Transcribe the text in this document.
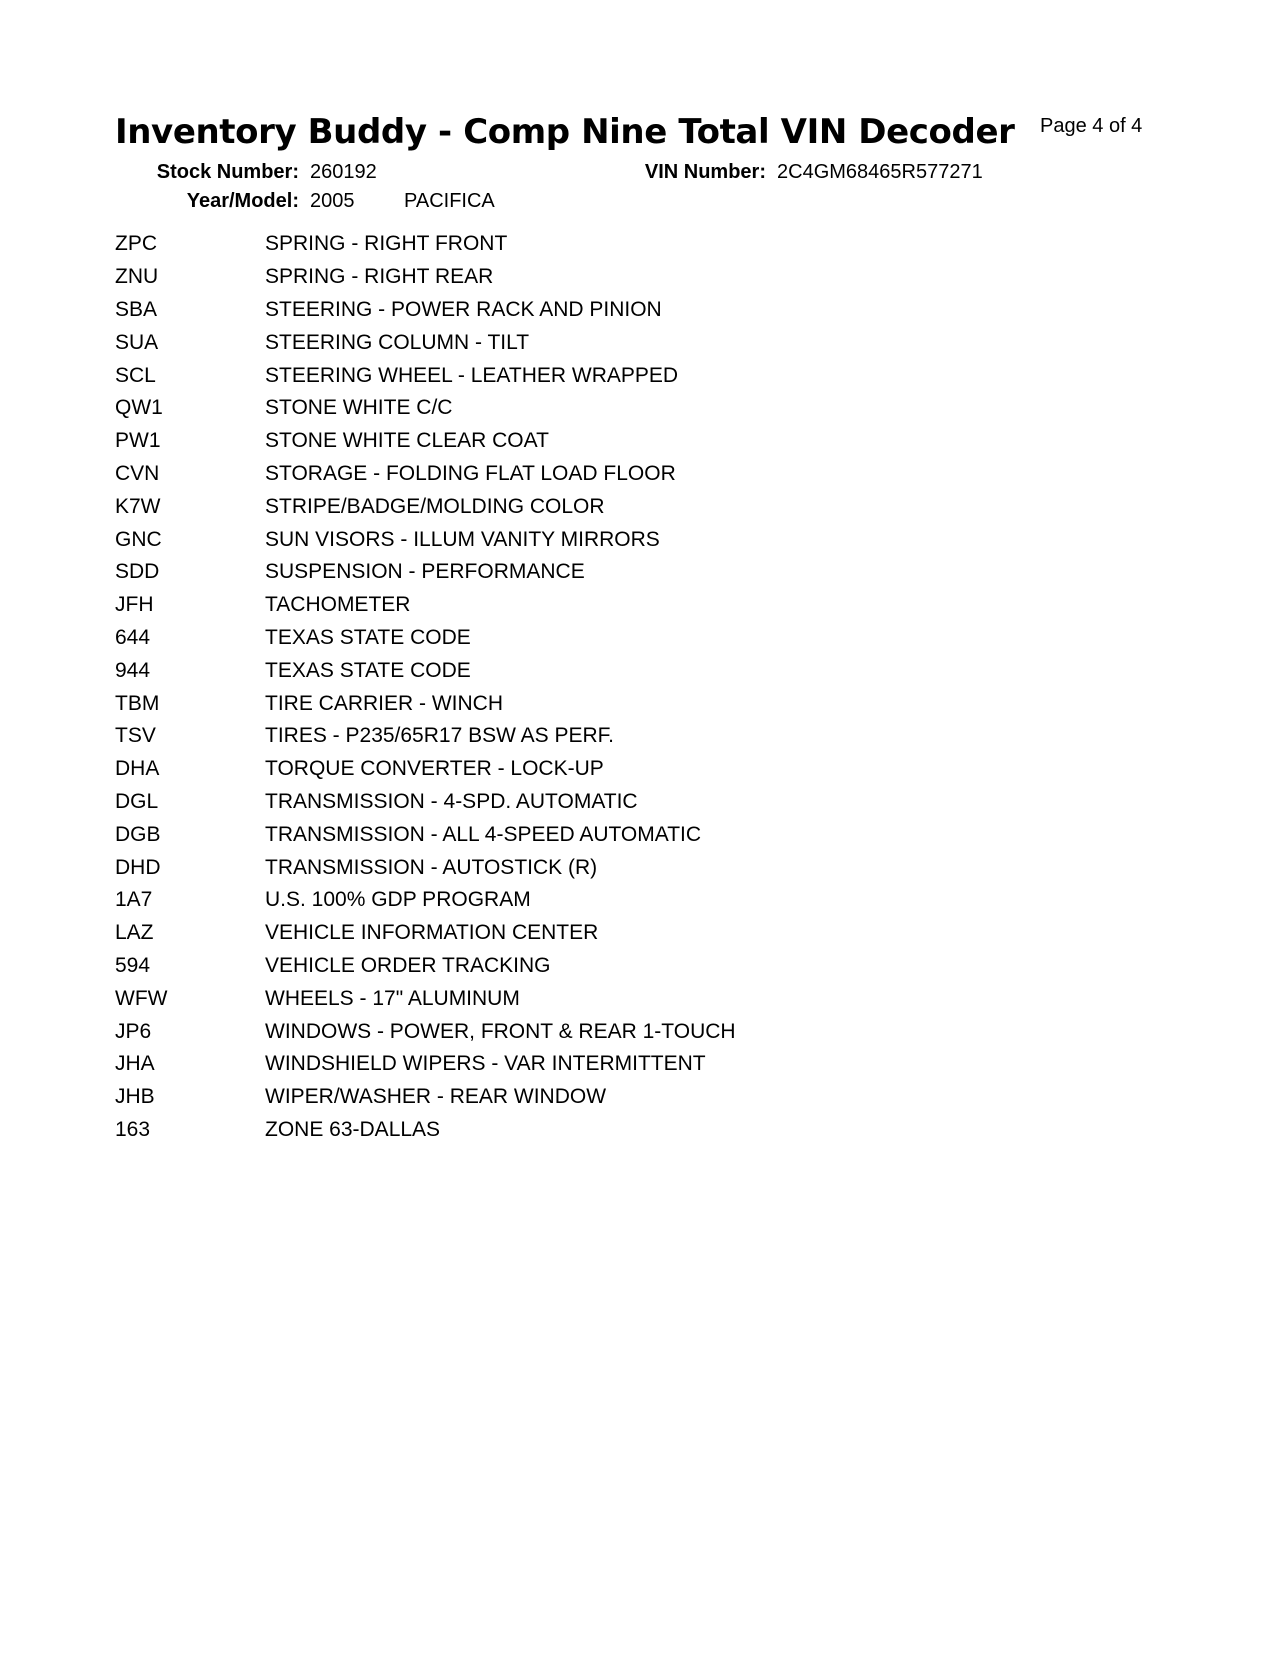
Inventory Buddy - Comp Nine Total VIN Decoder Page 4 of 4
Stock Number: 260192	VIN Number: 2C4GM68465R577271
Year/Model: 2005 PACIFICA
ZPC	SPRING - RIGHT FRONT
ZNU	SPRING - RIGHT REAR
SBA	STEERING - POWER RACK AND PINION
SUA	STEERING COLUMN - TILT
SCL	STEERING WHEEL - LEATHER WRAPPED
QW1	STONE WHITE C/C
PW1	STONE WHITE CLEAR COAT
CVN	STORAGE - FOLDING FLAT LOAD FLOOR
K7W	STRIPE/BADGE/MOLDING COLOR
GNC	SUN VISORS - ILLUM VANITY MIRRORS
SDD	SUSPENSION - PERFORMANCE
JFH	TACHOMETER
644	TEXAS STATE CODE
944	TEXAS STATE CODE
TBM	TIRE CARRIER - WINCH
TSV	TIRES - P235/65R17 BSW AS PERF.
DHA	TORQUE CONVERTER - LOCK-UP
DGL	TRANSMISSION - 4-SPD. AUTOMATIC
DGB	TRANSMISSION - ALL 4-SPEED AUTOMATIC
DHD	TRANSMISSION - AUTOSTICK (R)
1A7	U.S. 100% GDP PROGRAM
LAZ	VEHICLE INFORMATION CENTER
594	VEHICLE ORDER TRACKING
WFW	WHEELS - 17" ALUMINUM
JP6	WINDOWS - POWER, FRONT & REAR 1-TOUCH
JHA	WINDSHIELD WIPERS - VAR INTERMITTENT
JHB	WIPER/WASHER - REAR WINDOW
163	ZONE 63-DALLAS
